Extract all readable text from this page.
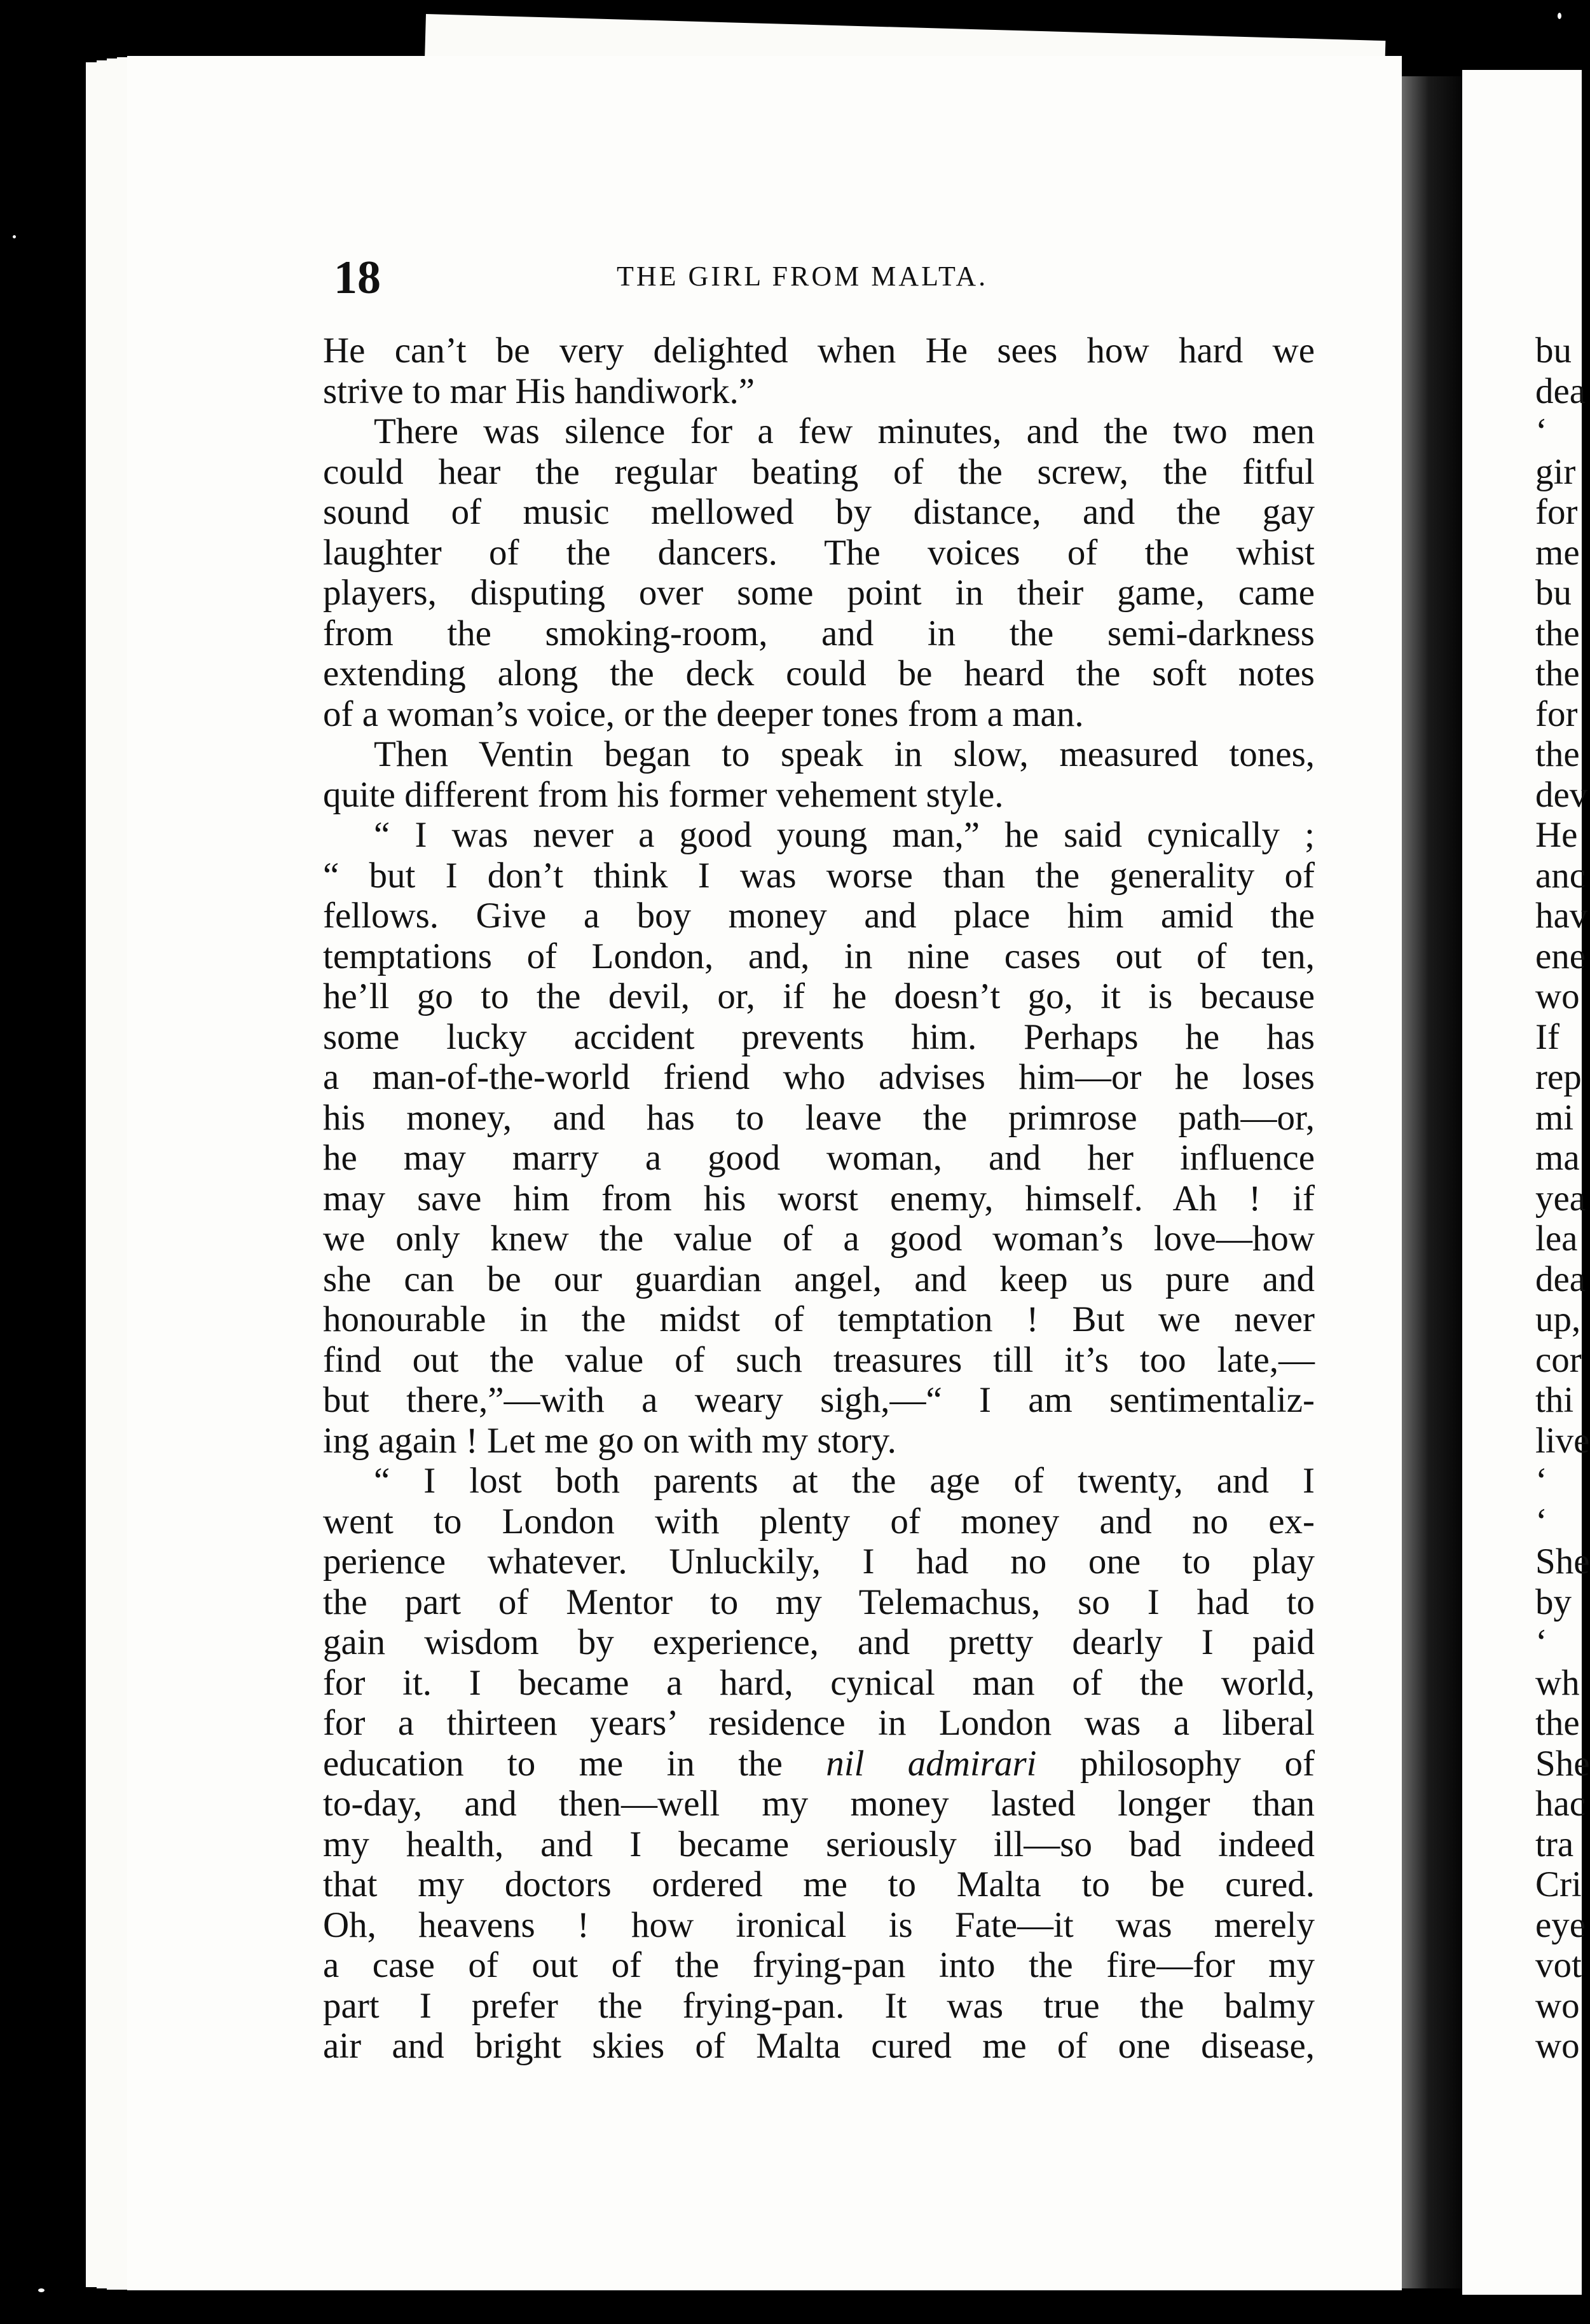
18	THE GIRL FROM MALTA.
He can’t be very delighted when He sees how hard we
strive to mar His handiwork.”
There was silence for a few minutes, and the two men
could hear the regular beating of the screw, the fitful
sound of music mellowed by distance, and the gay
laughter of the dancers. The voices of the whist
players, disputing over some point in their game, came
from the smoking-room, and in the semi-darkness
extending along the deck could be heard the soft notes
of a woman’s voice, or the deeper tones from a man.
Then Ventin began to speak in slow, measured tones,
quite different from his former vehement style.
“ I was never a good young man,” he said cynically ;
“ but I don’t think I was worse than the generality of
fellows. Give a boy money and place him amid the
temptations of London, and, in nine cases out of ten,
he’ll go to the devil, or, if he doesn’t go, it is because
some lucky accident prevents him. Perhaps he has
a man-of-the-world friend who advises him—or he loses
his money, and has to leave the primrose path—or,
he may marry a good woman, and her influence
may save him from his worst enemy, himself. Ah ! if
we only knew the value of a good woman’s love—how
she can be our guardian angel, and keep us pure and
honourable in the midst of temptation ! But we never
find out the value of such treasures till it’s too late,—
but there,”—with a weary sigh,—“ I am sentimentaliz-
ing again ! Let me go on with my story.
“ I lost both parents at the age of twenty, and I
went to London with plenty of money and no ex-
perience whatever. Unluckily, I had no one to play
the part of Mentor to my Telemachus, so I had to
gain wisdom by experience, and pretty dearly I paid
for it. I became a hard, cynical man of the world,
for a thirteen years’ residence in London was a liberal
education to me in the nil admirari philosophy of
to-day, and then—well my money lasted longer than
my health, and I became seriously ill—so bad indeed
that my doctors ordered me to Malta to be cured.
Oh, heavens ! how ironical is Fate—it was merely
a case of out of the frying-pan into the fire—for my
part I prefer the frying-pan. It was true the balmy
air and bright skies of Malta cured me of one disease,
bu
dea
‘
gir
for
me
bu
the
the
for
the
dev
He
anc
hav
ene
wo
If
rep
mi
ma
yea
lea
dea
up,
cor
thi
live
‘
‘
She
by
‘
wh
the
She
hac
tra
Cri
eye
vot
wo
wo
